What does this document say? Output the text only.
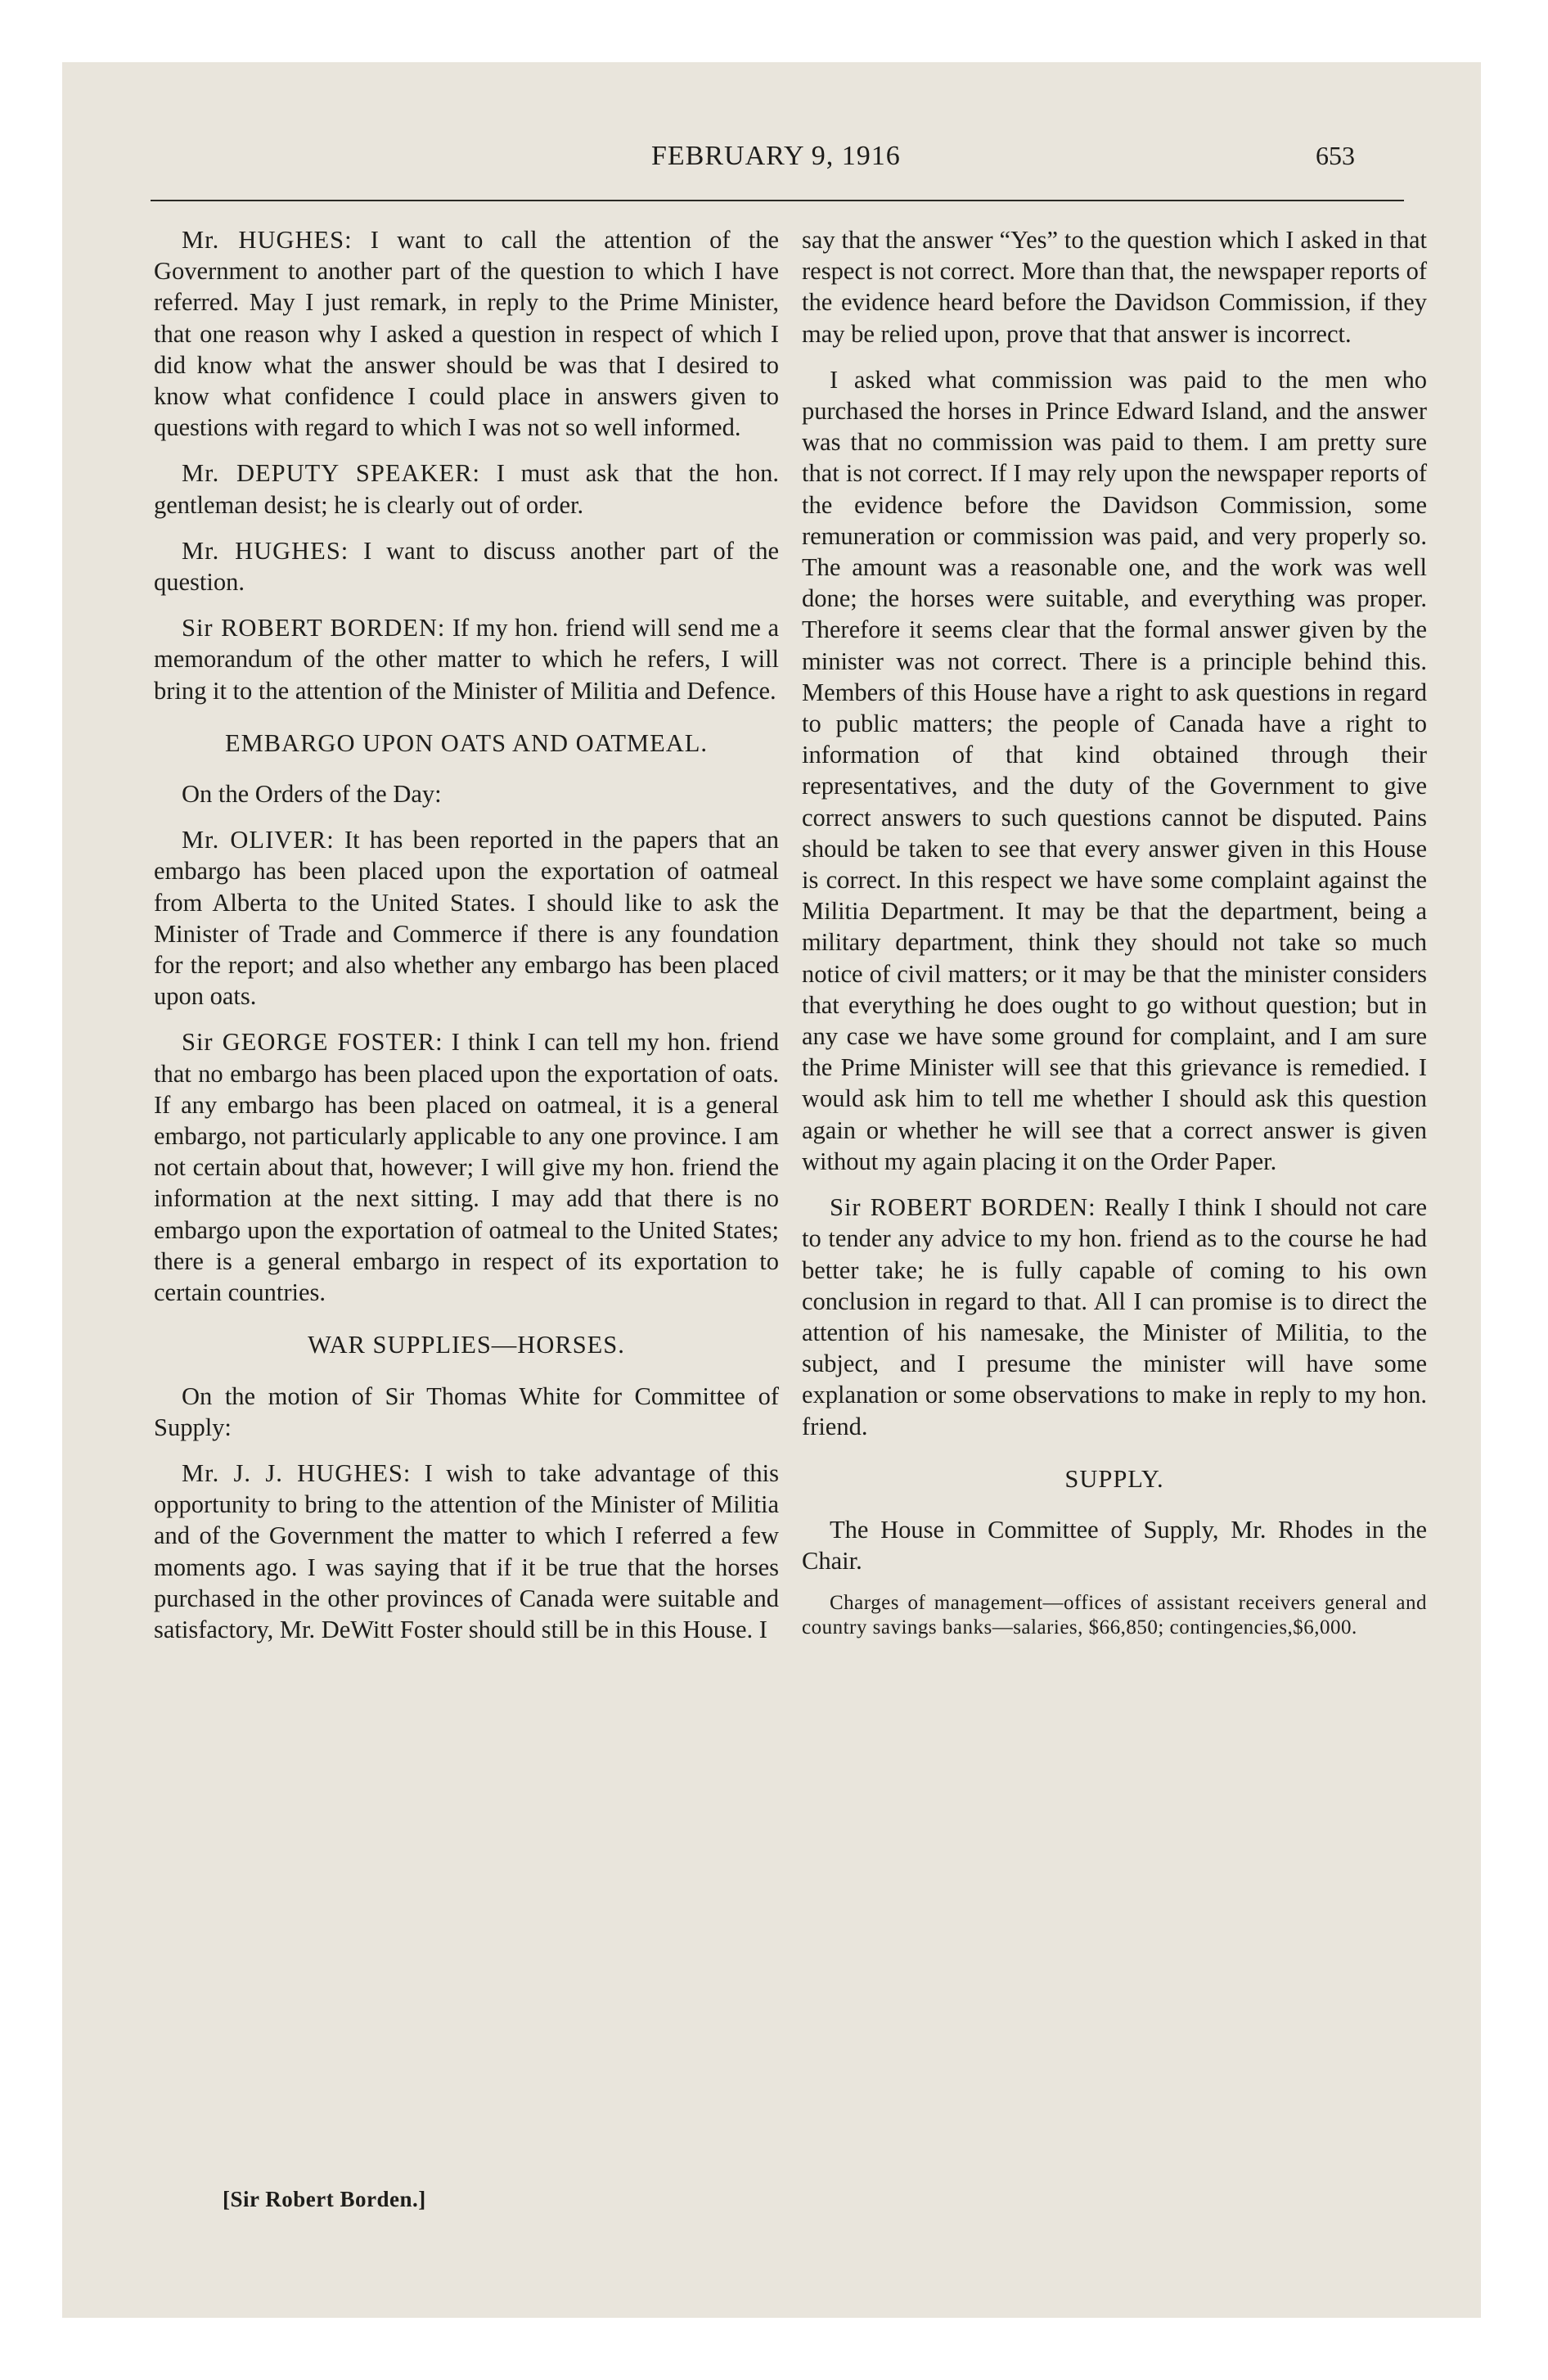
FEBRUARY 9, 1916	653

Mr. HUGHES: I want to call the attention of the Government to another part of the question to which I have referred. May I just remark, in reply to the Prime Minister, that one reason why I asked a question in respect of which I did know what the answer should be was that I desired to know what confidence I could place in answers given to questions with regard to which I was not so well informed.

Mr. DEPUTY SPEAKER: I must ask that the hon. gentleman desist; he is clearly out of order.

Mr. HUGHES: I want to discuss another part of the question.

Sir ROBERT BORDEN: If my hon. friend will send me a memorandum of the other matter to which he refers, I will bring it to the attention of the Minister of Militia and Defence.

EMBARGO UPON OATS AND OATMEAL.

On the Orders of the Day:

Mr. OLIVER: It has been reported in the papers that an embargo has been placed upon the exportation of oatmeal from Alberta to the United States. I should like to ask the Minister of Trade and Commerce if there is any foundation for the report; and also whether any embargo has been placed upon oats.

Sir GEORGE FOSTER: I think I can tell my hon. friend that no embargo has been placed upon the exportation of oats. If any embargo has been placed on oatmeal, it is a general embargo, not particularly applicable to any one province. I am not certain about that, however; I will give my hon. friend the information at the next sitting. I may add that there is no embargo upon the exportation of oatmeal to the United States; there is a general embargo in respect of its exportation to certain countries.

WAR SUPPLIES—HORSES.

On the motion of Sir Thomas White for Committee of Supply:

Mr. J. J. HUGHES: I wish to take advantage of this opportunity to bring to the attention of the Minister of Militia and of the Government the matter to which I referred a few moments ago. I was saying that if it be true that the horses purchased in the other provinces of Canada were suitable and satisfactory, Mr. DeWitt Foster should still be in this House. I

say that the answer “Yes” to the question which I asked in that respect is not correct. More than that, the newspaper reports of the evidence heard before the Davidson Commission, if they may be relied upon, prove that that answer is incorrect.

I asked what commission was paid to the men who purchased the horses in Prince Edward Island, and the answer was that no commission was paid to them. I am pretty sure that is not correct. If I may rely upon the newspaper reports of the evidence before the Davidson Commission, some remuneration or commission was paid, and very properly so. The amount was a reasonable one, and the work was well done; the horses were suitable, and everything was proper. Therefore it seems clear that the formal answer given by the minister was not correct. There is a principle behind this. Members of this House have a right to ask questions in regard to public matters; the people of Canada have a right to information of that kind obtained through their representatives, and the duty of the Government to give correct answers to such questions cannot be disputed. Pains should be taken to see that every answer given in this House is correct. In this respect we have some complaint against the Militia Department. It may be that the department, being a military department, think they should not take so much notice of civil matters; or it may be that the minister considers that everything he does ought to go without question; but in any case we have some ground for complaint, and I am sure the Prime Minister will see that this grievance is remedied. I would ask him to tell me whether I should ask this question again or whether he will see that a correct answer is given without my again placing it on the Order Paper.

Sir ROBERT BORDEN: Really I think I should not care to tender any advice to my hon. friend as to the course he had better take; he is fully capable of coming to his own conclusion in regard to that. All I can promise is to direct the attention of his namesake, the Minister of Militia, to the subject, and I presume the minister will have some explanation or some observations to make in reply to my hon. friend.

SUPPLY.

The House in Committee of Supply, Mr. Rhodes in the Chair.

Charges of management—offices of assistant receivers general and country savings banks—salaries, $66,850; contingencies,$6,000.

[Sir Robert Borden.]
